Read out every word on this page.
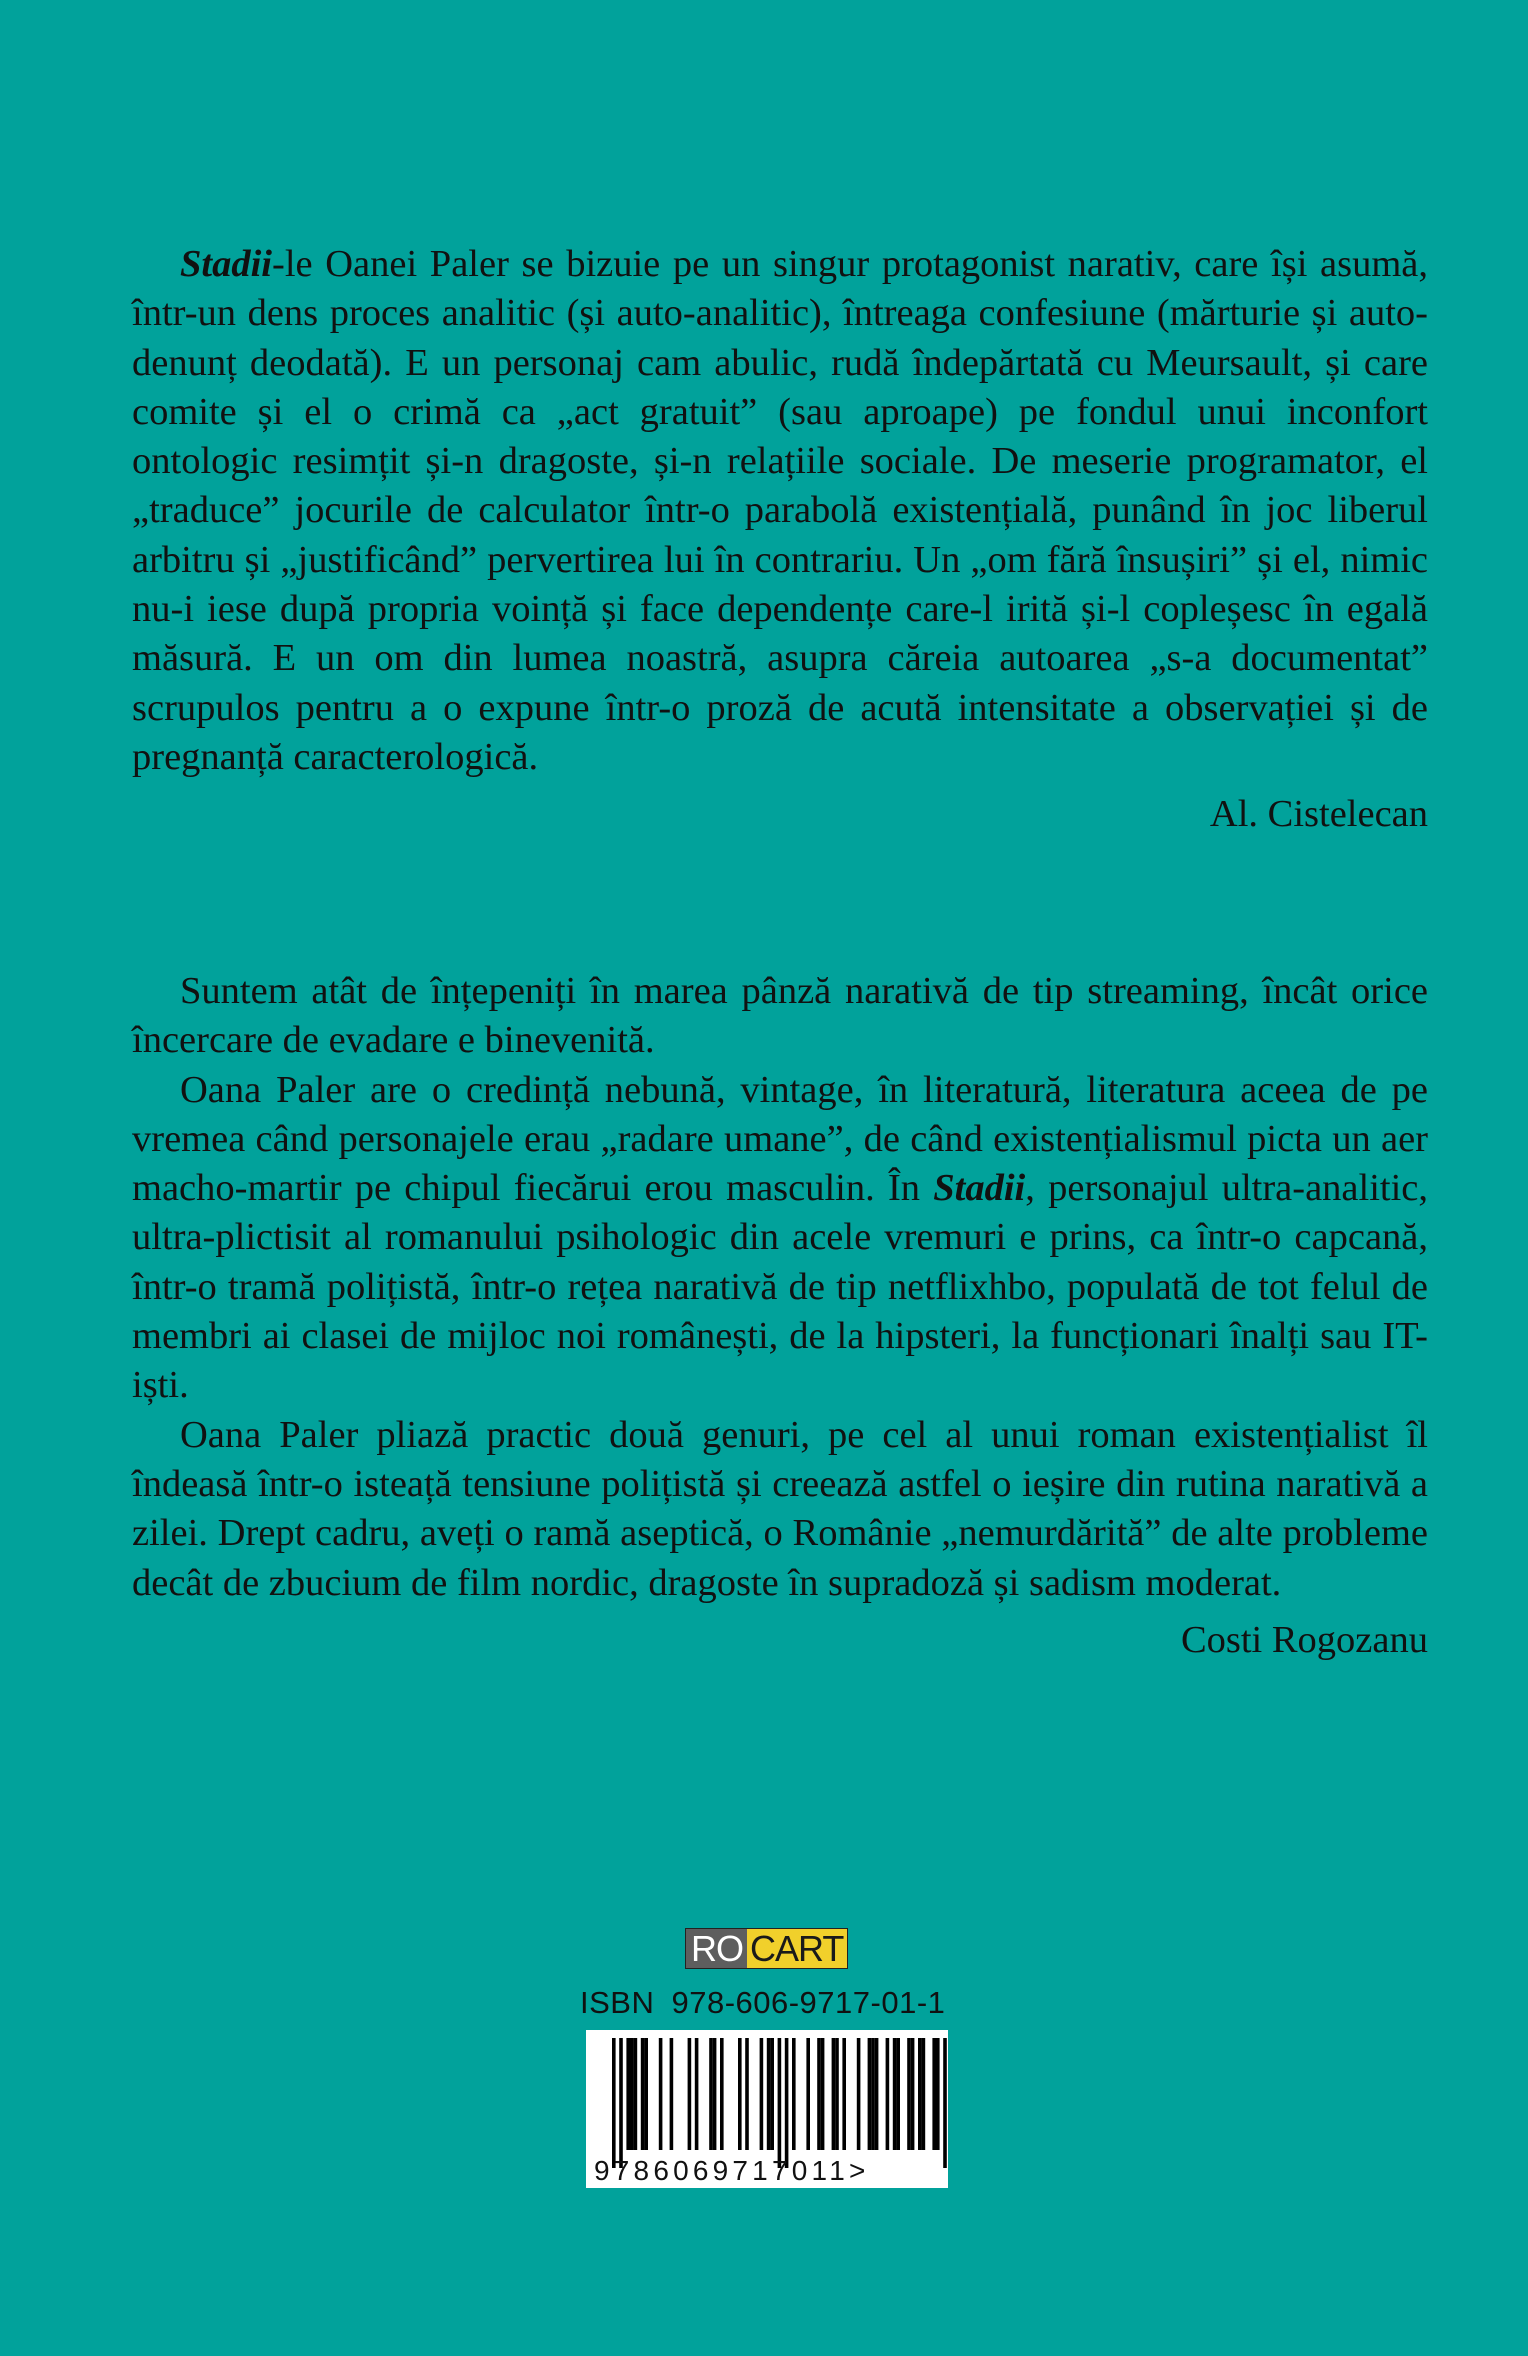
Stadii-le Oanei Paler se bizuie pe un singur protagonist narativ, care își asumă, într-un dens proces analitic (și auto-analitic), întreaga confesiune (mărturie și auto-denunț deodată). E un personaj cam abulic, rudă îndepărtată cu Meursault, și care comite și el o crimă ca „act gratuit” (sau aproape) pe fondul unui inconfort ontologic resimțit și-n dragoste, și-n relațiile sociale. De meserie programator, el „traduce” jocurile de calculator într-o parabolă existențială, punând în joc liberul arbitru și „justificând” pervertirea lui în contrariu. Un „om fără însușiri” și el, nimic nu-i iese după propria voință și face dependențe care-l irită și-l copleșesc în egală măsură. E un om din lumea noastră, asupra căreia autoarea „s-a documentat” scrupulos pentru a o expune într-o proză de acută intensitate a observației și de pregnanță caracterologică.

Al. Cistelecan

Suntem atât de înțepeniți în marea pânză narativă de tip streaming, încât orice încercare de evadare e binevenită.

Oana Paler are o credință nebună, vintage, în literatură, literatura aceea de pe vremea când personajele erau „radare umane”, de când existențialismul picta un aer macho-martir pe chipul fiecărui erou masculin. În Stadii, personajul ultra-analitic, ultra-plictisit al romanului psihologic din acele vremuri e prins, ca într-o capcană, într-o tramă polițistă, într-o rețea narativă de tip netflixhbo, populată de tot felul de membri ai clasei de mijloc noi românești, de la hipsteri, la funcționari înalți sau IT-iști.

Oana Paler pliază practic două genuri, pe cel al unui roman existențialist îl îndeasă într-o isteață tensiune polițistă și creează astfel o ieșire din rutina narativă a zilei. Drept cadru, aveți o ramă aseptică, o Românie „nemurdărită” de alte probleme decât de zbucium de film nordic, dragoste în supradoză și sadism moderat.

Costi Rogozanu

RO CART
ISBN 978-606-9717-01-1
9786069717011>
